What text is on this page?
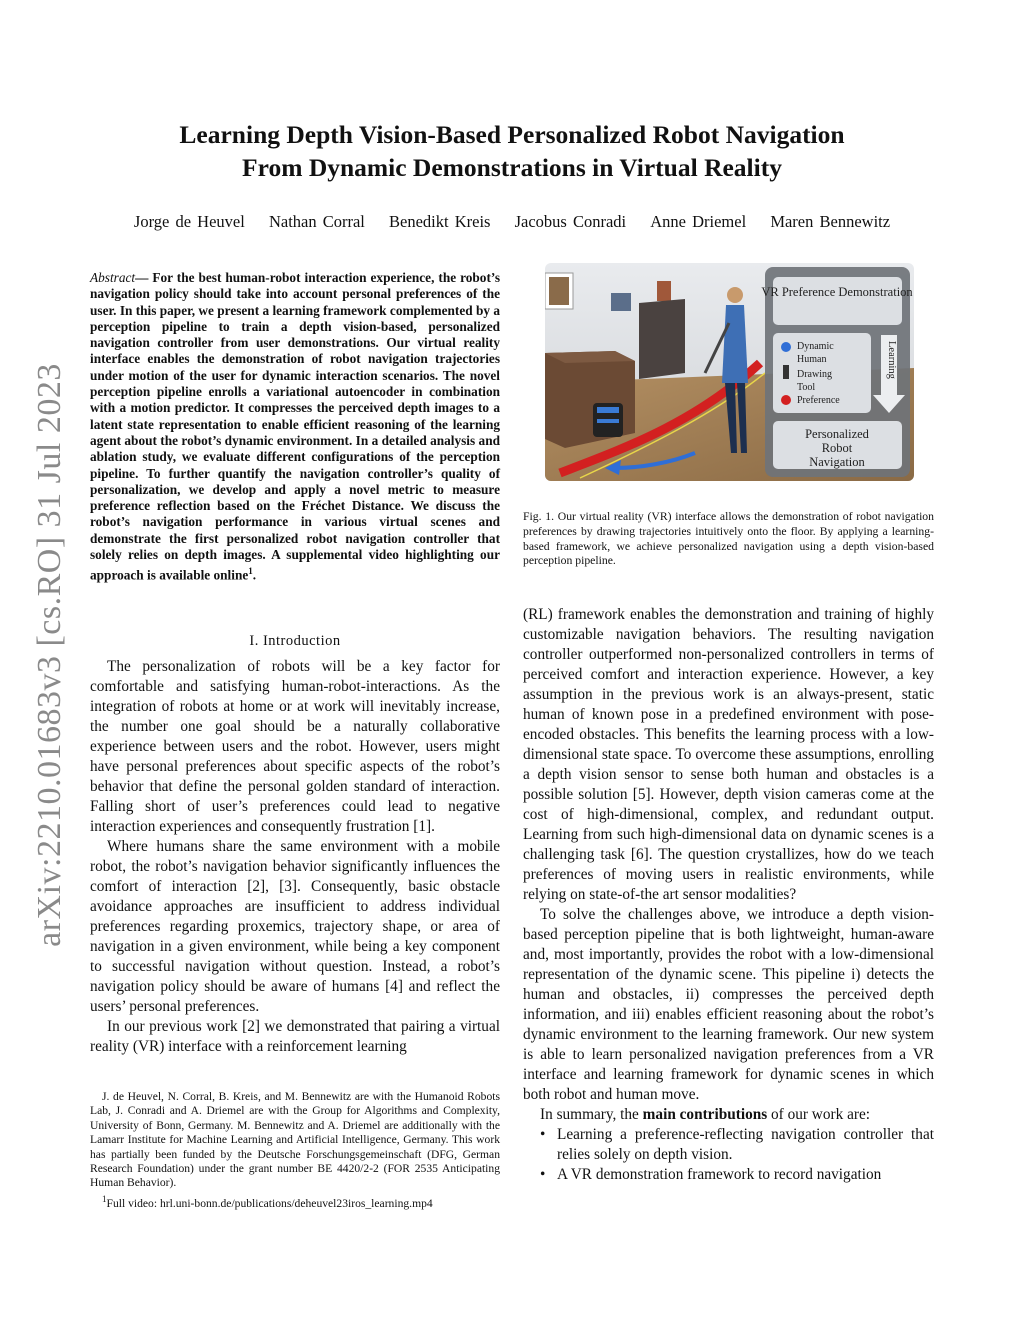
arXiv:2210.01683v3 [cs.RO] 31 Jul 2023
Learning Depth Vision-Based Personalized Robot Navigation
From Dynamic Demonstrations in Virtual Reality
Jorge de Heuvel Nathan Corral Benedikt Kreis Jacobus Conradi Anne Driemel Maren Bennewitz
Abstract— For the best human-robot interaction experience, the robot’s navigation policy should take into account personal preferences of the user. In this paper, we present a learning framework complemented by a perception pipeline to train a depth vision-based, personalized navigation controller from user demonstrations. Our virtual reality interface enables the demonstration of robot navigation trajectories under motion of the user for dynamic interaction scenarios. The novel perception pipeline enrolls a variational autoencoder in combination with a motion predictor. It compresses the perceived depth images to a latent state representation to enable efficient reasoning of the learning agent about the robot’s dynamic environment. In a detailed analysis and ablation study, we evaluate different configurations of the perception pipeline. To further quantify the navigation controller’s quality of personalization, we develop and apply a novel metric to measure preference reflection based on the Fréchet Distance. We discuss the robot’s navigation performance in various virtual scenes and demonstrate the first personalized robot navigation controller that solely relies on depth images. A supplemental video highlighting our approach is available online$^1$.
I. Introduction

The personalization of robots will be a key factor for comfortable and satisfying human-robot-interactions. As the integration of robots at home or at work will inevitably increase, the number one goal should be a naturally collaborative experience between users and the robot. However, users might have personal preferences about specific aspects of the robot’s behavior that define the personal golden standard of interaction. Falling short of user’s preferences could lead to negative interaction experiences and consequently frustration [1].

Where humans share the same environment with a mobile robot, the robot’s navigation behavior significantly influences the comfort of interaction [2], [3]. Consequently, basic obstacle avoidance approaches are insufficient to address individual preferences regarding proxemics, trajectory shape, or area of navigation in a given environment, while being a key component to successful navigation without question. Instead, a robot’s navigation policy should be aware of humans [4] and reflect the users’ personal preferences.

In our previous work [2] we demonstrated that pairing a virtual reality (VR) interface with a reinforcement learning

J. de Heuvel, N. Corral, B. Kreis, and M. Bennewitz are with the Humanoid Robots Lab, J. Conradi and A. Driemel are with the Group for Algorithms and Complexity, University of Bonn, Germany. M. Bennewitz and A. Driemel are additionally with the Lamarr Institute for Machine Learning and Artificial Intelligence, Germany. This work has partially been funded by the Deutsche Forschungsgemeinschaft (DFG, German Research Foundation) under the grant number BE 4420/2-2 (FOR 2535 Anticipating Human Behavior).

$^1$Full video: hrl.uni-bonn.de/publications/deheuvel23iros_learning.mp4

VR Preference Demonstration
Dynamic Human Drawing Tool Preference
Learning
Personalized Robot Navigation
Fig. 1. Our virtual reality (VR) interface allows the demonstration of robot navigation preferences by drawing trajectories intuitively onto the floor. By applying a learning-based framework, we achieve personalized navigation using a depth vision-based perception pipeline.

(RL) framework enables the demonstration and training of highly customizable navigation behaviors. The resulting navigation controller outperformed non-personalized controllers in terms of perceived comfort and interaction experience. However, a key assumption in the previous work is an always-present, static human of known pose in a predefined environment with pose-encoded obstacles. This benefits the learning process with a low-dimensional state space. To overcome these assumptions, enrolling a depth vision sensor to sense both human and obstacles is a possible solution [5]. However, depth vision cameras come at the cost of high-dimensional, complex, and redundant output. Learning from such high-dimensional data on dynamic scenes is a challenging task [6]. The question crystallizes, how do we teach preferences of moving users in realistic environments, while relying on state-of-the art sensor modalities?

To solve the challenges above, we introduce a depth vision-based perception pipeline that is both lightweight, human-aware and, most importantly, provides the robot with a low-dimensional representation of the dynamic scene. This pipeline i) detects the human and obstacles, ii) compresses the perceived depth information, and iii) enables efficient reasoning about the robot’s dynamic environment to the learning framework. Our new system is able to learn personalized navigation preferences from a VR interface and learning framework for dynamic scenes in which both robot and human move.

In summary, the main contributions of our work are:

• Learning a preference-reflecting navigation controller that relies solely on depth vision.
• A VR demonstration framework to record navigation
